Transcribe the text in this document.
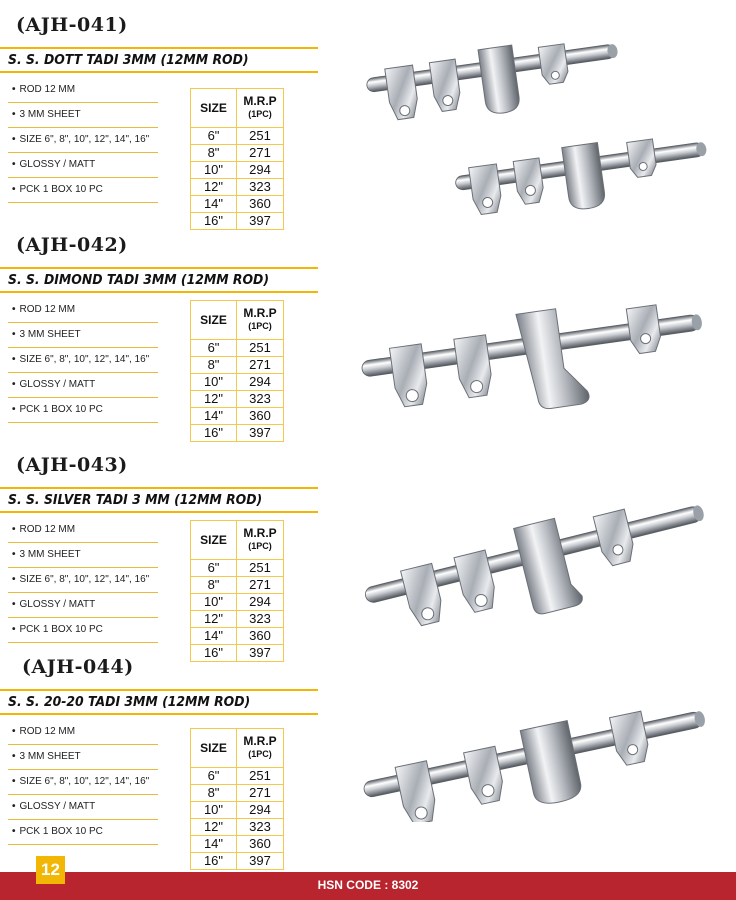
(AJH-041)
S. S. DOTT TADI 3MM (12MM ROD)
• ROD 12 MM
• 3 MM SHEET
• SIZE 6", 8", 10", 12", 14", 16"
• GLOSSY / MATT
• PCK 1 BOX 10 PC
SIZE	M.R.P
(1PC)

6"	251
8"	271
10"	294
12"	323
14"	360
16"	397
(AJH-042)
S. S. DIMOND TADI 3MM (12MM ROD)
• ROD 12 MM
• 3 MM SHEET
• SIZE 6", 8", 10", 12", 14", 16"
• GLOSSY / MATT
• PCK 1 BOX 10 PC
SIZE	M.R.P
(1PC)

6"	251
8"	271
10"	294
12"	323
14"	360
16"	397
(AJH-043)
S. S. SILVER TADI 3 MM (12MM ROD)
• ROD 12 MM
• 3 MM SHEET
• SIZE 6", 8", 10", 12", 14", 16"
• GLOSSY / MATT
• PCK 1 BOX 10 PC
SIZE	M.R.P
(1PC)

6"	251
8"	271
10"	294
12"	323
14"	360
16"	397
(AJH-044)
S. S. 20-20 TADI 3MM (12MM ROD)
• ROD 12 MM
• 3 MM SHEET
• SIZE 6", 8", 10", 12", 14", 16"
• GLOSSY / MATT
• PCK 1 BOX 10 PC
SIZE	M.R.P
(1PC)

6"	251
8"	271
10"	294
12"	323
14"	360
16"	397
HSN CODE : 8302
12
